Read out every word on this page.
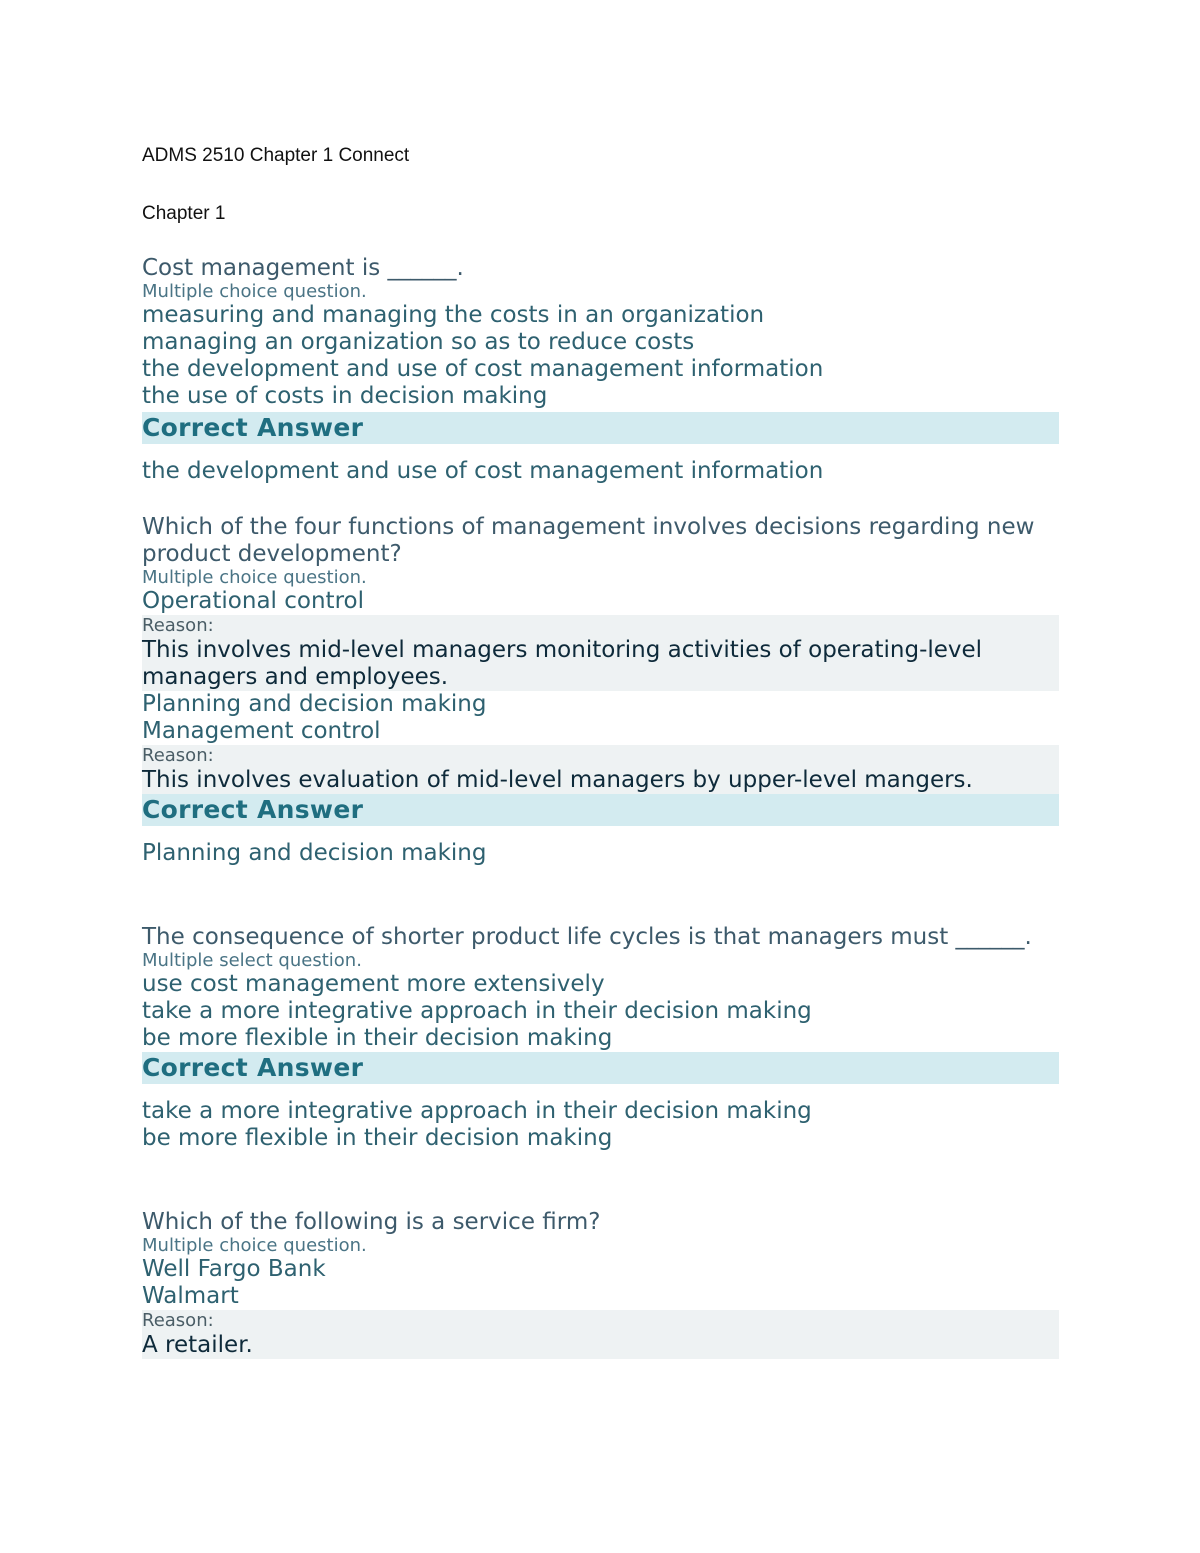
ADMS 2510 Chapter 1 Connect

Chapter 1

Cost management is ______.

Multiple choice question.

measuring and managing the costs in an organization

managing an organization so as to reduce costs

the development and use of cost management information

the use of costs in decision making

Correct Answer

the development and use of cost management information

Which of the four functions of management involves decisions regarding new product development?

Multiple choice question.

Operational control

Reason:

This involves mid-level managers monitoring activities of operating-level managers and employees.

Planning and decision making

Management control

Reason:

This involves evaluation of mid-level managers by upper-level mangers.

Correct Answer

Planning and decision making

The consequence of shorter product life cycles is that managers must ______.

Multiple select question.

use cost management more extensively

take a more integrative approach in their decision making

be more flexible in their decision making

Correct Answer

take a more integrative approach in their decision making

be more flexible in their decision making

Which of the following is a service firm?

Multiple choice question.

Well Fargo Bank

Walmart

Reason:

A retailer.
